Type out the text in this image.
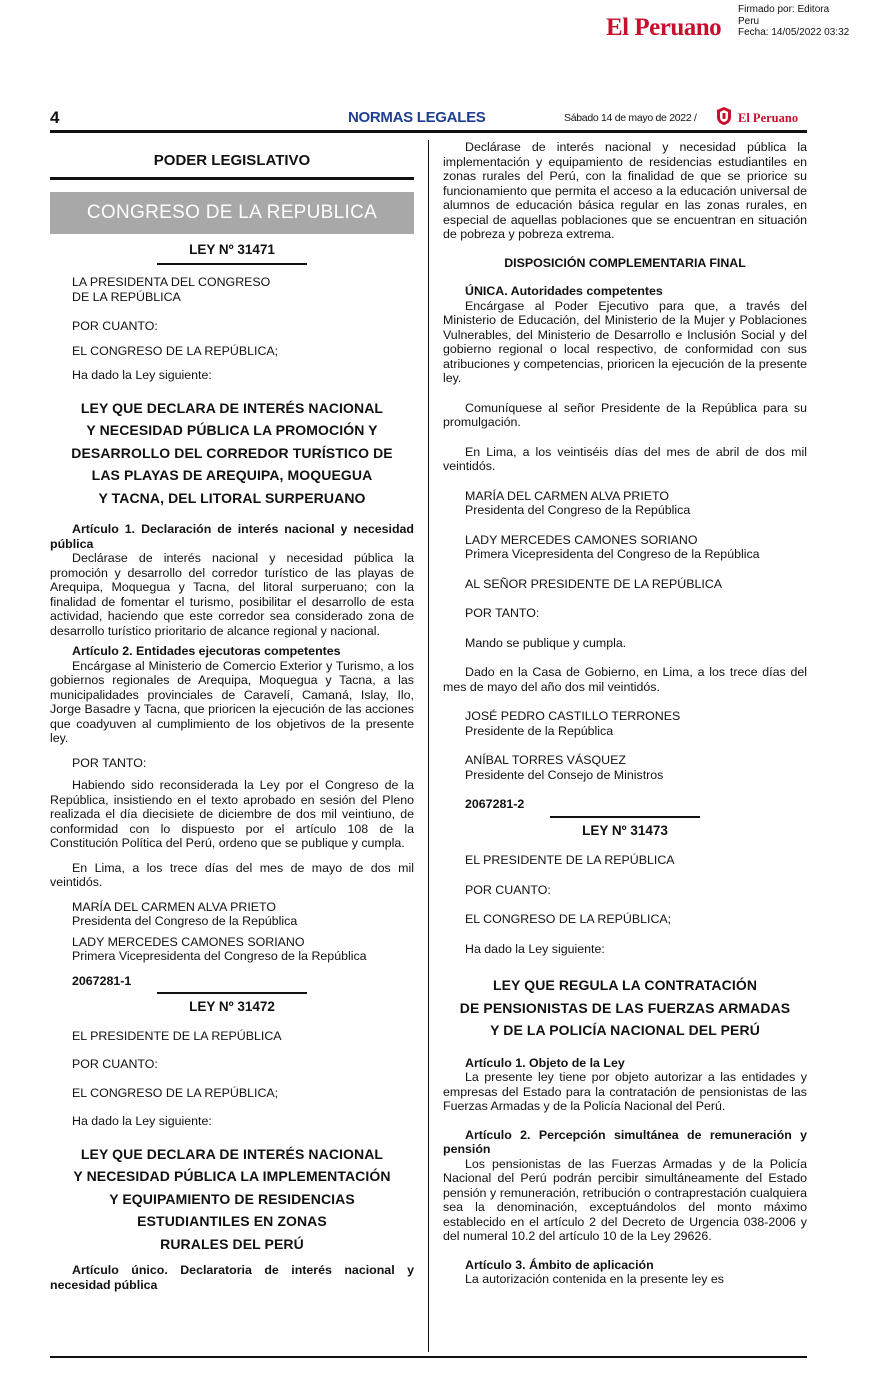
El Peruano
Firmado por: Editora
Peru
Fecha: 14/05/2022 03:32
4	NORMAS LEGALES	Sábado 14 de mayo de 2022 /	El Peruano
PODER LEGISLATIVO
CONGRESO DE LA REPUBLICA
LEY Nº 31471

LA PRESIDENTA DEL CONGRESO

DE LA REPÚBLICA

POR CUANTO:

EL CONGRESO DE LA REPÚBLICA;

Ha dado la Ley siguiente:

LEY QUE DECLARA DE INTERÉS NACIONAL
Y NECESIDAD PÚBLICA LA PROMOCIÓN Y
DESARROLLO DEL CORREDOR TURÍSTICO DE
LAS PLAYAS DE AREQUIPA, MOQUEGUA
Y TACNA, DEL LITORAL SURPERUANO

Artículo 1. Declaración de interés nacional y necesidad pública

Declárase de interés nacional y necesidad pública la promoción y desarrollo del corredor turístico de las playas de Arequipa, Moquegua y Tacna, del litoral surperuano; con la finalidad de fomentar el turismo, posibilitar el desarrollo de esta actividad, haciendo que este corredor sea considerado zona de desarrollo turístico prioritario de alcance regional y nacional.

Artículo 2. Entidades ejecutoras competentes

Encárgase al Ministerio de Comercio Exterior y Turismo, a los gobiernos regionales de Arequipa, Moquegua y Tacna, a las municipalidades provinciales de Caravelí, Camaná, Islay, Ilo, Jorge Basadre y Tacna, que prioricen la ejecución de las acciones que coadyuven al cumplimiento de los objetivos de la presente ley.

POR TANTO:

Habiendo sido reconsiderada la Ley por el Congreso de la República, insistiendo en el texto aprobado en sesión del Pleno realizada el día diecisiete de diciembre de dos mil veintiuno, de conformidad con lo dispuesto por el artículo 108 de la Constitución Política del Perú, ordeno que se publique y cumpla.

En Lima, a los trece días del mes de mayo de dos mil veintidós.

MARÍA DEL CARMEN ALVA PRIETO

Presidenta del Congreso de la República

LADY MERCEDES CAMONES SORIANO

Primera Vicepresidenta del Congreso de la República

2067281-1

LEY Nº 31472

EL PRESIDENTE DE LA REPÚBLICA

POR CUANTO:

EL CONGRESO DE LA REPÚBLICA;

Ha dado la Ley siguiente:

LEY QUE DECLARA DE INTERÉS NACIONAL
Y NECESIDAD PÚBLICA LA IMPLEMENTACIÓN
Y EQUIPAMIENTO DE RESIDENCIAS
ESTUDIANTILES EN ZONAS
RURALES DEL PERÚ

Artículo único. Declaratoria de interés nacional y necesidad pública

Declárase de interés nacional y necesidad pública la implementación y equipamiento de residencias estudiantiles en zonas rurales del Perú, con la finalidad de que se priorice su funcionamiento que permita el acceso a la educación universal de alumnos de educación básica regular en las zonas rurales, en especial de aquellas poblaciones que se encuentran en situación de pobreza y pobreza extrema.

DISPOSICIÓN COMPLEMENTARIA FINAL

ÚNICA. Autoridades competentes

Encárgase al Poder Ejecutivo para que, a través del Ministerio de Educación, del Ministerio de la Mujer y Poblaciones Vulnerables, del Ministerio de Desarrollo e Inclusión Social y del gobierno regional o local respectivo, de conformidad con sus atribuciones y competencias, prioricen la ejecución de la presente ley.

Comuníquese al señor Presidente de la República para su promulgación.

En Lima, a los veintiséis días del mes de abril de dos mil veintidós.

MARÍA DEL CARMEN ALVA PRIETO

Presidenta del Congreso de la República

LADY MERCEDES CAMONES SORIANO

Primera Vicepresidenta del Congreso de la República

AL SEÑOR PRESIDENTE DE LA REPÚBLICA

POR TANTO:

Mando se publique y cumpla.

Dado en la Casa de Gobierno, en Lima, a los trece días del mes de mayo del año dos mil veintidós.

JOSÉ PEDRO CASTILLO TERRONES

Presidente de la República

ANÍBAL TORRES VÁSQUEZ

Presidente del Consejo de Ministros

2067281-2

LEY Nº 31473

EL PRESIDENTE DE LA REPÚBLICA

POR CUANTO:

EL CONGRESO DE LA REPÚBLICA;

Ha dado la Ley siguiente:

LEY QUE REGULA LA CONTRATACIÓN
DE PENSIONISTAS DE LAS FUERZAS ARMADAS
Y DE LA POLICÍA NACIONAL DEL PERÚ

Artículo 1. Objeto de la Ley

La presente ley tiene por objeto autorizar a las entidades y empresas del Estado para la contratación de pensionistas de las Fuerzas Armadas y de la Policía Nacional del Perú.

Artículo 2. Percepción simultánea de remuneración y pensión

Los pensionistas de las Fuerzas Armadas y de la Policía Nacional del Perú podrán percibir simultáneamente del Estado pensión y remuneración, retribución o contraprestación cualquiera sea la denominación, exceptuándolos del monto máximo establecido en el artículo 2 del Decreto de Urgencia 038-2006 y del numeral 10.2 del artículo 10 de la Ley 29626.

Artículo 3. Ámbito de aplicación

La autorización contenida en la presente ley es
